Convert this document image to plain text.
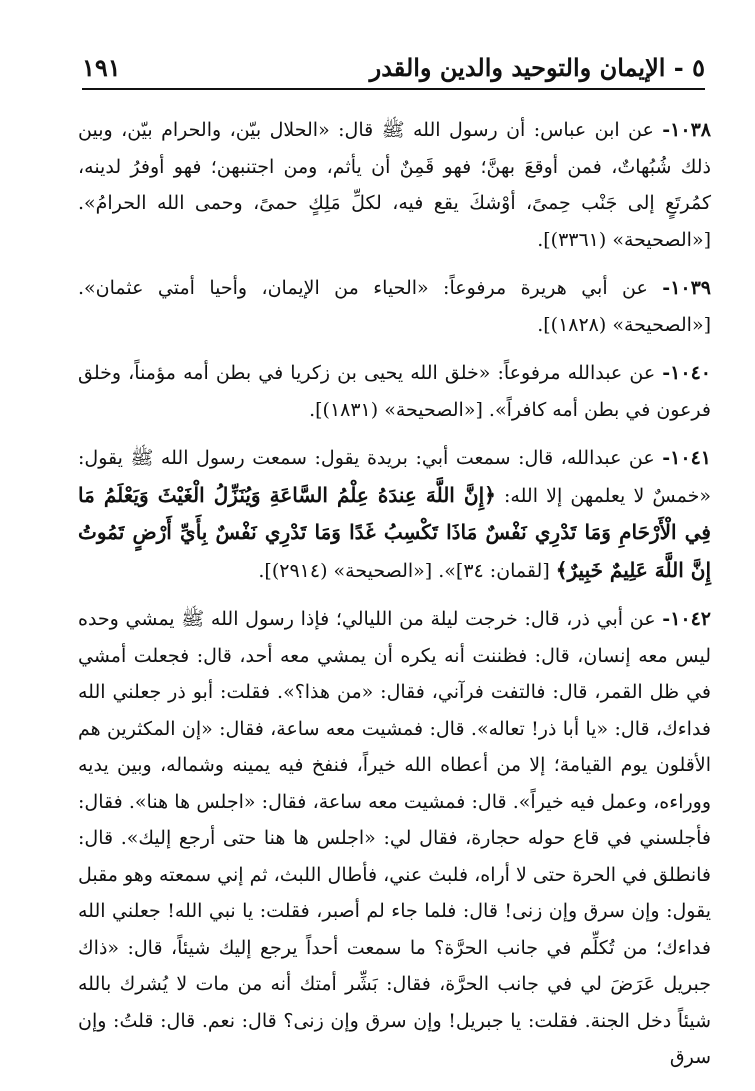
٥ - الإيمان والتوحيد والدين والقدر
١٩١

١٠٣٨- عن ابن عباس: أن رسول الله ﷺ قال: «الحلال بيّن، والحرام بيّن، وبين ذلك شُبُهاتٌ، فمن أوقعَ بهنَّ؛ فهو قَمِنٌ أن يأثم، ومن اجتنبهن؛ فهو أوفرُ لدينه، كمُرتَعٍ إلى جَنْب حِمىً، أوْشكَ يقع فيه، لكلِّ مَلِكٍ حمىً، وحمى الله الحرامُ». [«الصحيحة» (٣٣٦١)].

١٠٣٩- عن أبي هريرة مرفوعاً: «الحياء من الإيمان، وأحيا أمتي عثمان». [«الصحيحة» (١٨٢٨)].

١٠٤٠- عن عبدالله مرفوعاً: «خلق الله يحيى بن زكريا في بطن أمه مؤمناً، وخلق فرعون في بطن أمه كافراً». [«الصحيحة» (١٨٣١)].

١٠٤١- عن عبدالله، قال: سمعت أبي: بريدة يقول: سمعت رسول الله ﷺ يقول: «خمسٌ لا يعلمهن إلا الله: ﴿إِنَّ اللَّهَ عِندَهُ عِلْمُ السَّاعَةِ وَيُنَزِّلُ الْغَيْثَ وَيَعْلَمُ مَا فِي الْأَرْحَامِ وَمَا تَدْرِي نَفْسٌ مَاذَا تَكْسِبُ غَدًا وَمَا تَدْرِي نَفْسٌ بِأَيِّ أَرْضٍ تَمُوتُ إِنَّ اللَّهَ عَلِيمٌ خَبِيرٌ﴾ [لقمان: ٣٤]». [«الصحيحة» (٢٩١٤)].

١٠٤٢- عن أبي ذر، قال: خرجت ليلة من الليالي؛ فإذا رسول الله ﷺ يمشي وحده ليس معه إنسان، قال: فظننت أنه يكره أن يمشي معه أحد، قال: فجعلت أمشي في ظل القمر، قال: فالتفت فرآني، فقال: «من هذا؟». فقلت: أبو ذر جعلني الله فداءك، قال: «يا أبا ذر! تعاله». قال: فمشيت معه ساعة، فقال: «إن المكثرين هم الأقلون يوم القيامة؛ إلا من أعطاه الله خيراً، فنفخ فيه يمينه وشماله، وبين يديه ووراءه، وعمل فيه خيراً». قال: فمشيت معه ساعة، فقال: «اجلس ها هنا». فقال: فأجلسني في قاع حوله حجارة، فقال لي: «اجلس ها هنا حتى أرجع إليك». قال: فانطلق في الحرة حتى لا أراه، فلبث عني، فأطال اللبث، ثم إني سمعته وهو مقبل يقول: وإن سرق وإن زنى! قال: فلما جاء لم أصبر، فقلت: يا نبي الله! جعلني الله فداءك؛ من تُكلِّم في جانب الحرَّة؟ ما سمعت أحداً يرجع إليك شيئاً، قال: «ذاك جبريل عَرَضَ لي في جانب الحرَّة، فقال: بَشِّر أمتك أنه من مات لا يُشرك بالله شيئاً دخل الجنة. فقلت: يا جبريل! وإن سرق وإن زنى؟ قال: نعم. قال: قلتُ: وإن سرق
